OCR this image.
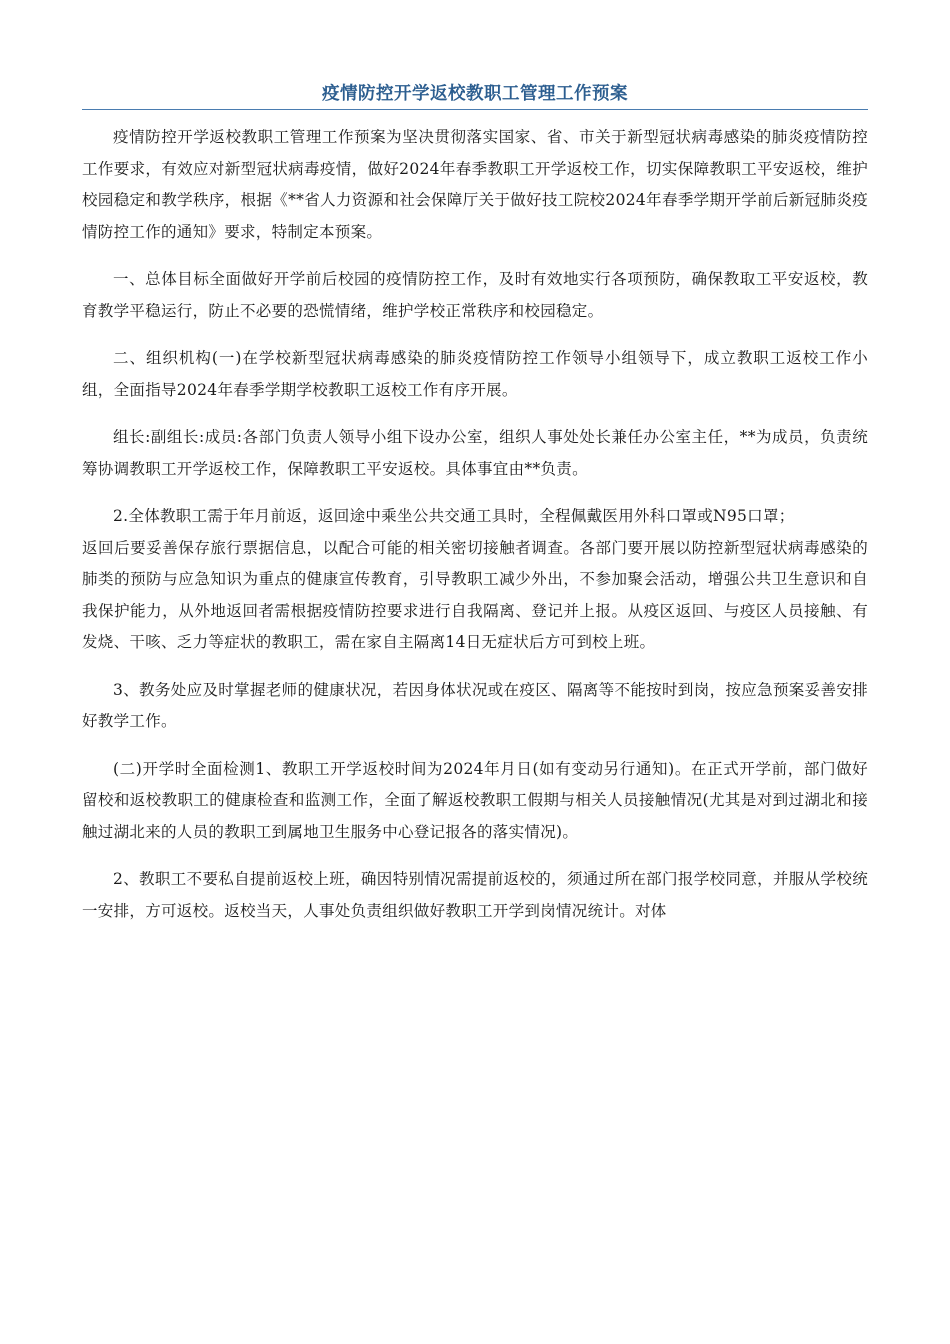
疫情防控开学返校教职工管理工作预案

疫情防控开学返校教职工管理工作预案为坚决贯彻落实国家、省、市关于新型冠状病毒感染的肺炎疫情防控工作要求，有效应对新型冠状病毒疫情，做好2024年春季教职工开学返校工作，切实保障教职工平安返校，维护校园稳定和教学秩序，根据《**省人力资源和社会保障厅关于做好技工院校2024年春季学期开学前后新冠肺炎疫情防控工作的通知》要求，特制定本预案。

一、总体目标全面做好开学前后校园的疫情防控工作，及时有效地实行各项预防，确保教取工平安返校，教育教学平稳运行，防止不必要的恐慌情绪，维护学校正常秩序和校园稳定。

二、组织机构(一)在学校新型冠状病毒感染的肺炎疫情防控工作领导小组领导下，成立教职工返校工作小组，全面指导2024年春季学期学校教职工返校工作有序开展。

组长:副组长:成员:各部门负责人领导小组下设办公室，组织人事处处长兼任办公室主任，**为成员，负责统筹协调教职工开学返校工作，保障教职工平安返校。具体事宜由**负责。

2.全体教职工需于年月前返，返回途中乘坐公共交通工具时，全程佩戴医用外科口罩或N95口罩；

返回后要妥善保存旅行票据信息，以配合可能的相关密切接触者调查。各部门要开展以防控新型冠状病毒感染的肺类的预防与应急知识为重点的健康宣传教育，引导教职工减少外出，不参加聚会活动，增强公共卫生意识和自我保护能力，从外地返回者需根据疫情防控要求进行自我隔离、登记并上报。从疫区返回、与疫区人员接触、有发烧、干咳、乏力等症状的教职工，需在家自主隔离14日无症状后方可到校上班。

3、教务处应及时掌握老师的健康状况，若因身体状况或在疫区、隔离等不能按时到岗，按应急预案妥善安排好教学工作。

(二)开学时全面检测1、教职工开学返校时间为2024年月日(如有变动另行通知)。在正式开学前，部门做好留校和返校教职工的健康检查和监测工作，全面了解返校教职工假期与相关人员接触情况(尤其是对到过湖北和接触过湖北来的人员的教职工到属地卫生服务中心登记报各的落实情况)。

2、教职工不要私自提前返校上班，确因特别情况需提前返校的，须通过所在部门报学校同意，并服从学校统一安排，方可返校。返校当天，人事处负责组织做好教职工开学到岗情况统计。对体
